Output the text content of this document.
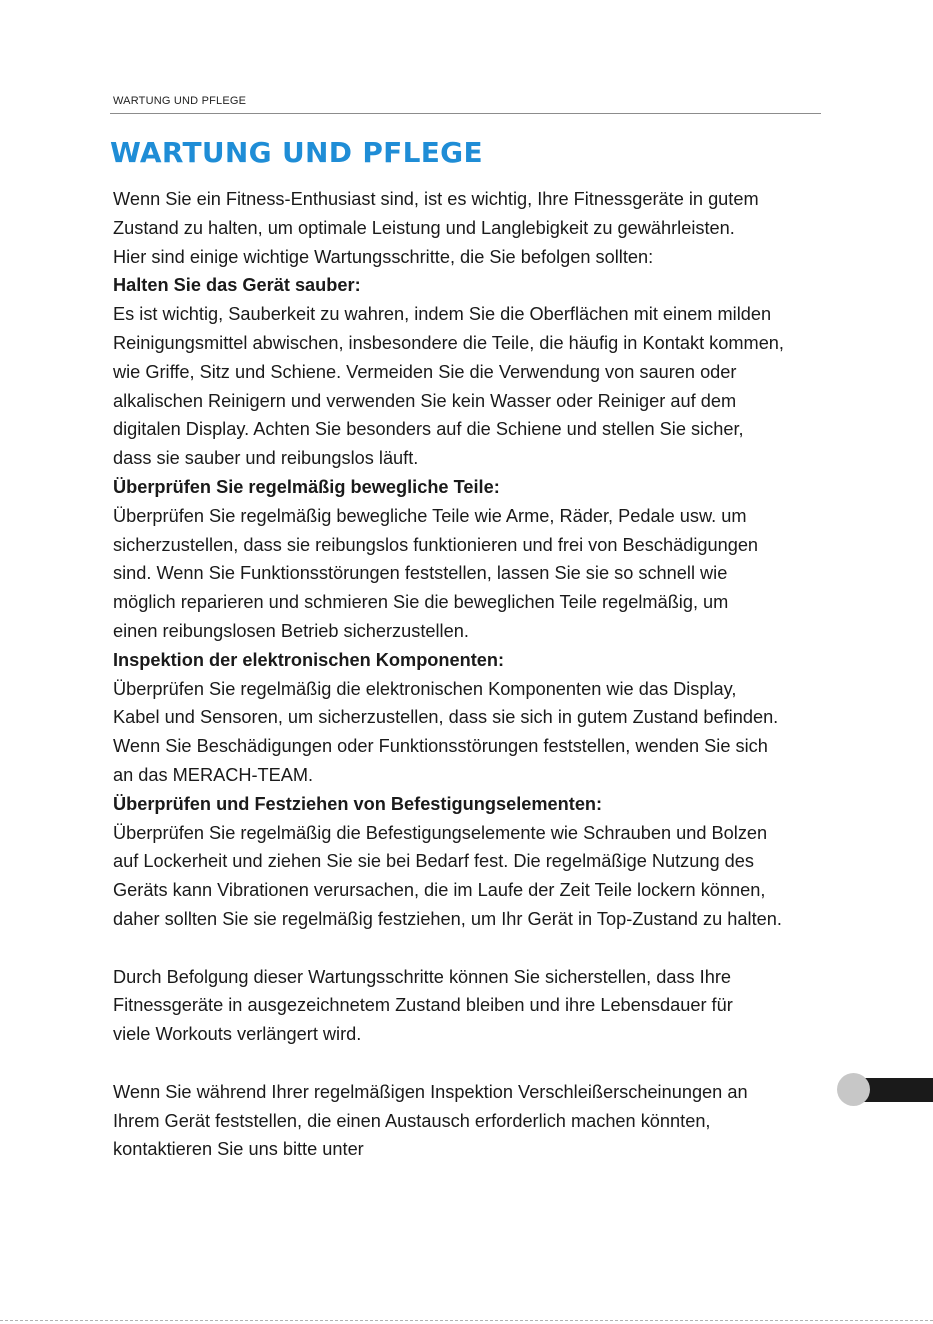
WARTUNG UND PFLEGE
WARTUNG UND PFLEGE
Wenn Sie ein Fitness-Enthusiast sind, ist es wichtig, Ihre Fitnessgeräte in gutem
Zustand zu halten, um optimale Leistung und Langlebigkeit zu gewährleisten.
Hier sind einige wichtige Wartungsschritte, die Sie befolgen sollten:
Halten Sie das Gerät sauber:
Es ist wichtig, Sauberkeit zu wahren, indem Sie die Oberflächen mit einem milden
Reinigungsmittel abwischen, insbesondere die Teile, die häufig in Kontakt kommen,
wie Griffe, Sitz und Schiene. Vermeiden Sie die Verwendung von sauren oder
alkalischen Reinigern und verwenden Sie kein Wasser oder Reiniger auf dem
digitalen Display. Achten Sie besonders auf die Schiene und stellen Sie sicher,
dass sie sauber und reibungslos läuft.
Überprüfen Sie regelmäßig bewegliche Teile:
Überprüfen Sie regelmäßig bewegliche Teile wie Arme, Räder, Pedale usw. um
sicherzustellen, dass sie reibungslos funktionieren und frei von Beschädigungen
sind. Wenn Sie Funktionsstörungen feststellen, lassen Sie sie so schnell wie
möglich reparieren und schmieren Sie die beweglichen Teile regelmäßig, um
einen reibungslosen Betrieb sicherzustellen.
Inspektion der elektronischen Komponenten:
Überprüfen Sie regelmäßig die elektronischen Komponenten wie das Display,
Kabel und Sensoren, um sicherzustellen, dass sie sich in gutem Zustand befinden.
Wenn Sie Beschädigungen oder Funktionsstörungen feststellen, wenden Sie sich
an das MERACH-TEAM.
Überprüfen und Festziehen von Befestigungselementen:
Überprüfen Sie regelmäßig die Befestigungselemente wie Schrauben und Bolzen
auf Lockerheit und ziehen Sie sie bei Bedarf fest. Die regelmäßige Nutzung des
Geräts kann Vibrationen verursachen, die im Laufe der Zeit Teile lockern können,
daher sollten Sie sie regelmäßig festziehen, um Ihr Gerät in Top-Zustand zu halten.
Durch Befolgung dieser Wartungsschritte können Sie sicherstellen, dass Ihre
Fitnessgeräte in ausgezeichnetem Zustand bleiben und ihre Lebensdauer für
viele Workouts verlängert wird.
Wenn Sie während Ihrer regelmäßigen Inspektion Verschleißerscheinungen an
Ihrem Gerät feststellen, die einen Austausch erforderlich machen könnten,
kontaktieren Sie uns bitte unter
